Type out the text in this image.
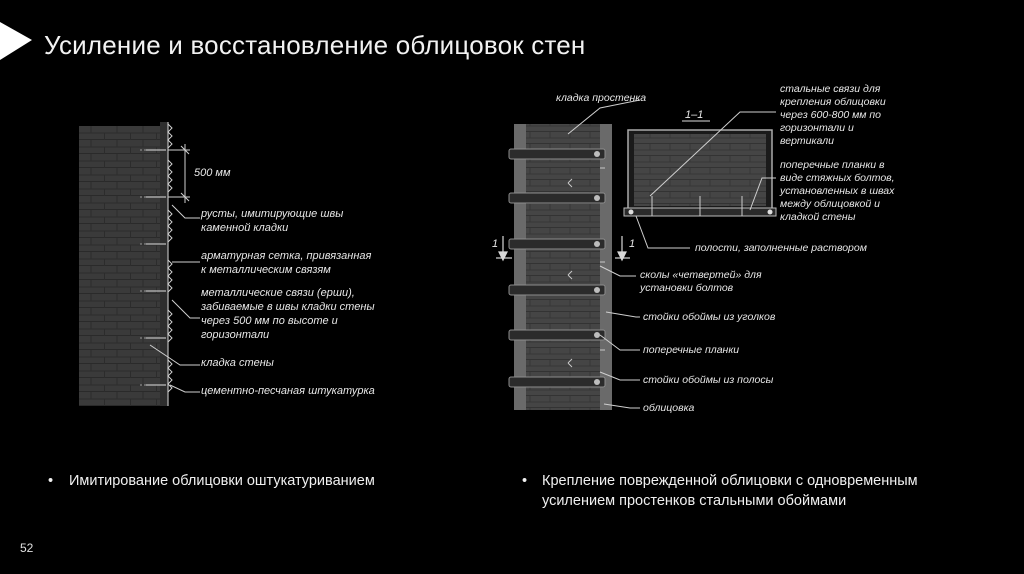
Усиление и восстановление облицовок стен
500 мм
русты, имитирующие швы
каменной кладки
арматурная сетка, привязанная
к металлическим связям
металлические связи (ерши),
забиваемые в швы кладки стены
через 500 мм по высоте и
горизонтали
кладка стены
цементно-песчаная штукатурка
1	1
1–1
кладка простенка
стальные связи для
крепления облицовки
через 600-800 мм по
горизонтали и
вертикали
поперечные планки в
виде стяжных болтов,
установленных в швах
между облицовкой и
кладкой стены
полости, заполненные раствором
сколы «четвертей» для
установки болтов
стойки обоймы из уголков
поперечные планки
стойки обоймы из полосы
облицовка
•	Имитирование облицовки оштукатуриванием	•	Крепление поврежденной облицовки с одновременным усилением простенков стальными обоймами
52
